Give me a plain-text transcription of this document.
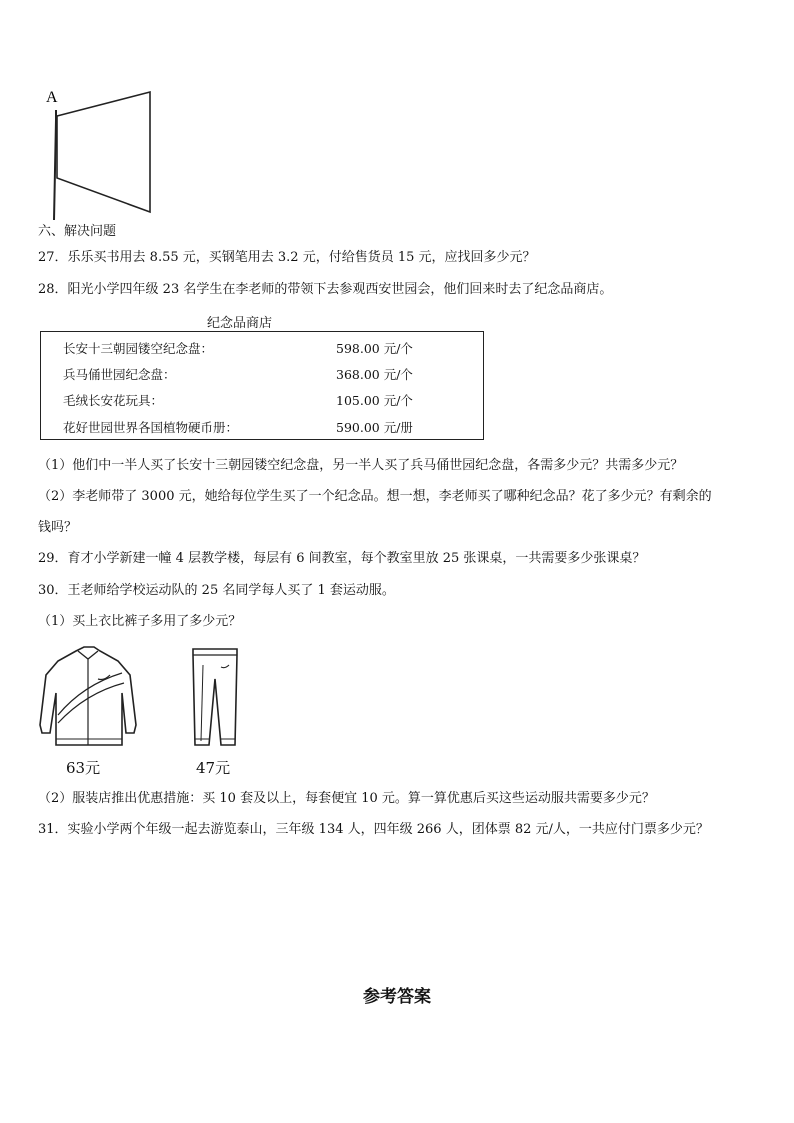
A
六、解决问题
27．乐乐买书用去 8.55 元，买钢笔用去 3.2 元，付给售货员 15 元，应找回多少元？
28．阳光小学四年级 23 名学生在李老师的带领下去参观西安世园会，他们回来时去了纪念品商店。
纪念品商店
长安十三朝园镂空纪念盘：	598.00 元/个
兵马俑世园纪念盘：	368.00 元/个
毛绒长安花玩具：	105.00 元/个
花好世园世界各国植物硬币册：	590.00 元/册
（1）他们中一半人买了长安十三朝园镂空纪念盘，另一半人买了兵马俑世园纪念盘，各需多少元？共需多少元？
（2）李老师带了 3000 元，她给每位学生买了一个纪念品。想一想，李老师买了哪种纪念品？花了多少元？有剩余的
钱吗？
29．育才小学新建一幢 4 层教学楼，每层有 6 间教室，每个教室里放 25 张课桌，一共需要多少张课桌？
30．王老师给学校运动队的 25 名同学每人买了 1 套运动服。
（1）买上衣比裤子多用了多少元？
63元	47元
（2）服装店推出优惠措施：买 10 套及以上，每套便宜 10 元。算一算优惠后买这些运动服共需要多少元？
31．实验小学两个年级一起去游览泰山，三年级 134 人，四年级 266 人，团体票 82 元/人，一共应付门票多少元？
参考答案
